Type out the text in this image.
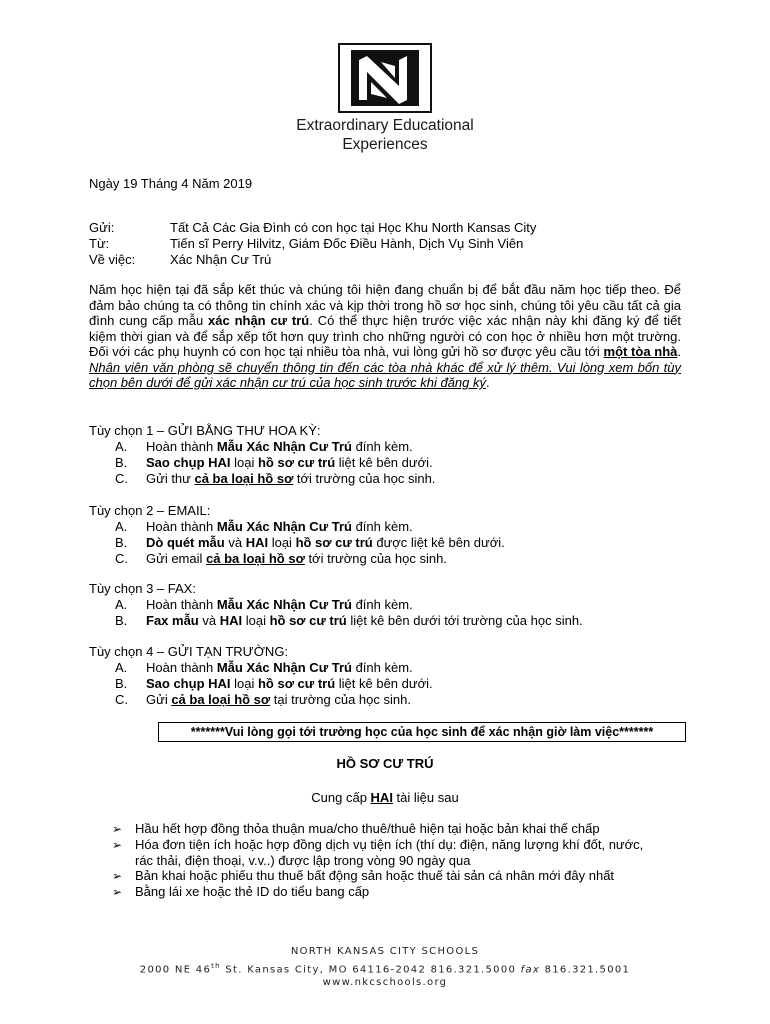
Extraordinary Educational
Experiences
Ngày 19 Tháng 4 Năm 2019
Gửi:	Tất Cả Các Gia Đình có con học tại Học Khu North Kansas City
Từ:	Tiến sĩ Perry Hilvitz, Giám Đốc Điều Hành, Dịch Vụ Sinh Viên
Về việc:	Xác Nhận Cư Trú
Năm học hiện tại đã sắp kết thúc và chúng tôi hiện đang chuẩn bị để bắt đầu năm học tiếp theo. Để đảm bảo chúng ta có thông tin chính xác và kịp thời trong hồ sơ học sinh, chúng tôi yêu cầu tất cả gia đình cung cấp mẫu xác nhận cư trú. Có thể thực hiện trước việc xác nhận này khi đăng ký để tiết kiệm thời gian và để sắp xếp tốt hơn quy trình cho những người có con học ở nhiều hơn một trường. Đối với các phụ huynh có con học tại nhiều tòa nhà, vui lòng gửi hồ sơ được yêu cầu tới một tòa nhà. Nhân viên văn phòng sẽ chuyển thông tin đến các tòa nhà khác để xử lý thêm. Vui lòng xem bốn tùy chọn bên dưới để gửi xác nhận cư trú của học sinh trước khi đăng ký.
Tùy chọn 1 – GỬI BẰNG THƯ HOA KỲ:
A. Hoàn thành Mẫu Xác Nhận Cư Trú đính kèm.
B. Sao chụp HAI loại hồ sơ cư trú liệt kê bên dưới.
C. Gửi thư cả ba loại hồ sơ tới trường của học sinh.
Tùy chọn 2 – EMAIL:
A. Hoàn thành Mẫu Xác Nhận Cư Trú đính kèm.
B. Dò quét mẫu và HAI loại hồ sơ cư trú được liệt kê bên dưới.
C. Gửi email cả ba loại hồ sơ tới trường của học sinh.
Tùy chọn 3 – FAX:
A. Hoàn thành Mẫu Xác Nhận Cư Trú đính kèm.
B. Fax mẫu và HAI loại hồ sơ cư trú liệt kê bên dưới tới trường của học sinh.
Tùy chọn 4 – GỬI TẠN TRƯỜNG:
A. Hoàn thành Mẫu Xác Nhận Cư Trú đính kèm.
B. Sao chụp HAI loại hồ sơ cư trú liệt kê bên dưới.
C. Gửi cả ba loại hồ sơ tại trường của học sinh.
*******Vui lòng gọi tới trường học của học sinh để xác nhận giờ làm việc*******
HỒ SƠ CƯ TRÚ
Cung cấp HAI tài liệu sau
➢ Hầu hết hợp đồng thỏa thuận mua/cho thuê/thuê hiện tại hoặc bản khai thế chấp
➢ Hóa đơn tiện ích hoặc hợp đồng dịch vụ tiện ích (thí dụ: điện, năng lượng khí đốt, nước,
rác thải, điện thoại, v.v..) được lập trong vòng 90 ngày qua
➢ Bản khai hoặc phiếu thu thuế bất động sản hoặc thuế tài sản cá nhân mới đây nhất
➢ Bằng lái xe hoặc thẻ ID do tiểu bang cấp
NORTH KANSAS CITY SCHOOLS
2000 NE 46th St. Kansas City, MO 64116-2042 816.321.5000 fax 816.321.5001
www.nkcschools.org
